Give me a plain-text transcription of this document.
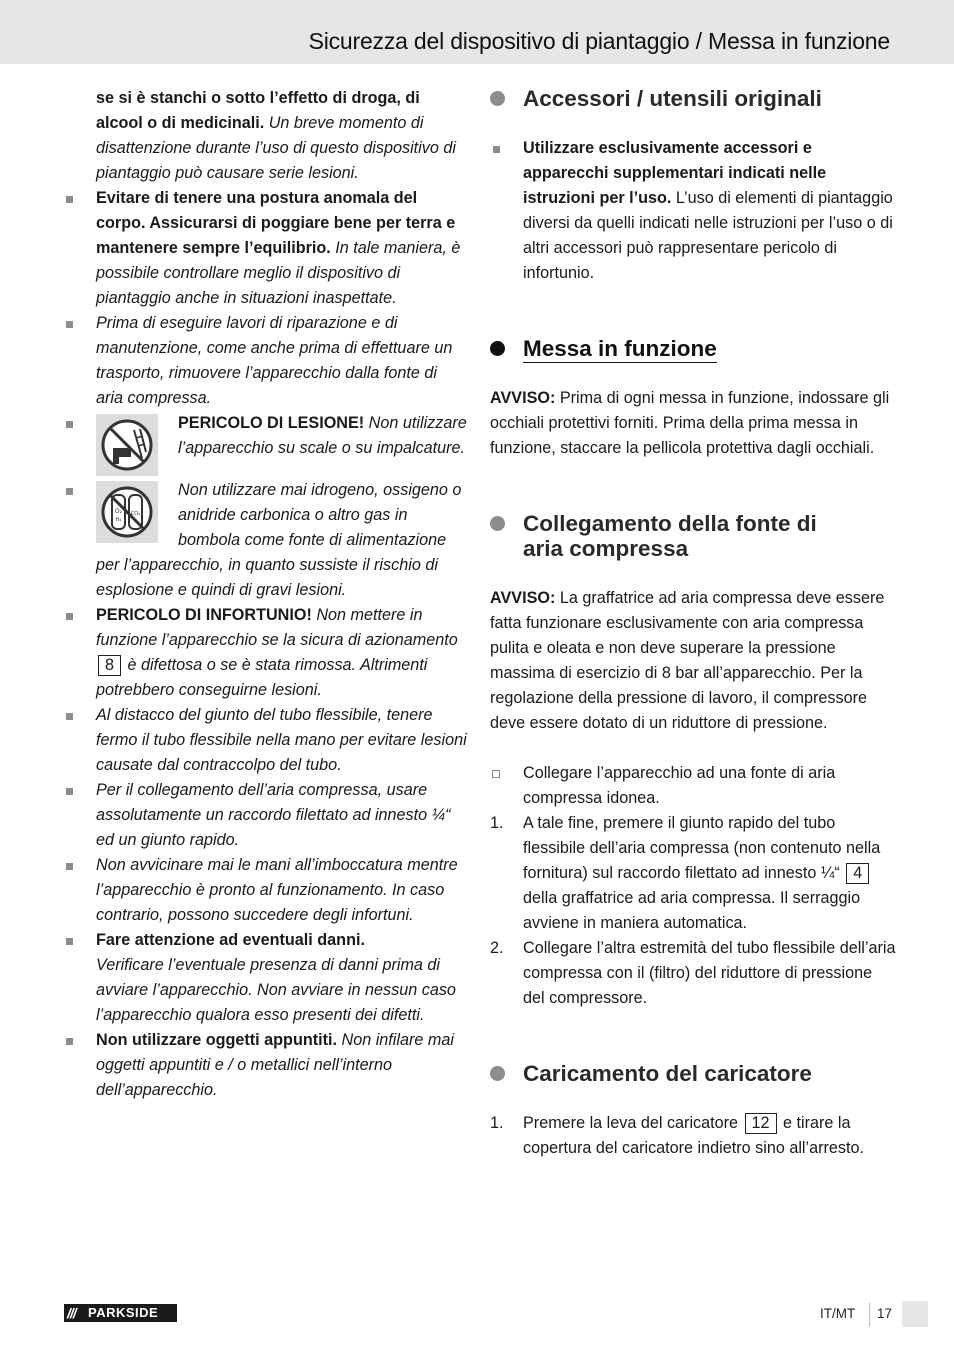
Sicurezza del dispositivo di piantaggio / Messa in funzione
se si è stanchi o sotto l’effetto di droga, di alcool o di medicinali. Un breve momento di disattenzione durante l’uso di questo dispositivo di piantaggio può causare serie lesioni.
Evitare di tenere una postura anomala del corpo. Assicurarsi di poggiare bene per terra e mantenere sempre l’equilibrio. In tale maniera, è possibile controllare meglio il dispositivo di piantaggio anche in situazioni inaspettate.
Prima di eseguire lavori di riparazione e di manutenzione, come anche prima di effettuare un trasporto, rimuovere l’apparecchio dalla fonte di aria compressa.
PERICOLO DI LESIONE! Non utilizzare l’apparecchio su scale o su impalcature.
O₂
H₂
CO₂
Non utilizzare mai idrogeno, ossigeno o anidride carbonica o altro gas in bombola come fonte di alimentazione per l’apparecchio, in quanto sussiste il rischio di esplosione e quindi di gravi lesioni.
PERICOLO DI INFORTUNIO! Non mettere in funzione l’apparecchio se la sicura di azionamento 8 è difettosa o se è stata rimossa. Altrimenti potrebbero conseguirne lesioni.
Al distacco del giunto del tubo flessibile, tenere fermo il tubo flessibile nella mano per evitare lesioni causate dal contraccolpo del tubo.
Per il collegamento dell’aria compressa, usare assolutamente un raccordo filettato ad innesto ¼“ ed un giunto rapido.
Non avvicinare mai le mani all’imboccatura mentre l’apparecchio è pronto al funzionamento. In caso contrario, possono succedere degli infortuni.
Fare attenzione ad eventuali danni.
Verificare l’eventuale presenza di danni prima di avviare l’apparecchio. Non avviare in nessun caso l’apparecchio qualora esso presenti dei difetti.
Non utilizzare oggetti appuntiti. Non infilare mai oggetti appuntiti e / o metallici nell’interno dell’apparecchio.
Accessori / utensili originali
Utilizzare esclusivamente accessori e apparecchi supplementari indicati nelle istruzioni per l’uso. L’uso di elementi di piantaggio diversi da quelli indicati nelle istruzioni per l’uso o di altri accessori può rappresentare pericolo di infortunio.
Messa in funzione
AVVISO: Prima di ogni messa in funzione, indossare gli occhiali protettivi forniti. Prima della prima messa in funzione, staccare la pellicola protettiva dagli occhiali.
Collegamento della fonte di aria compressa
AVVISO: La graffatrice ad aria compressa deve essere fatta funzionare esclusivamente con aria compressa pulita e oleata e non deve superare la pressione massima di esercizio di 8 bar all’apparecchio. Per la regolazione della pressione di lavoro, il compressore deve essere dotato di un riduttore di pressione.
Collegare l’apparecchio ad una fonte di aria compressa idonea.
1. A tale fine, premere il giunto rapido del tubo flessibile dell’aria compressa (non contenuto nella fornitura) sul raccordo filettato ad innesto ¼“ 4 della graffatrice ad aria compressa. Il serraggio avviene in maniera automatica.
2. Collegare l’altra estremità del tubo flessibile dell’aria compressa con il (filtro) del riduttore di pressione del compressore.
Caricamento del caricatore
1. Premere la leva del caricatore 12 e tirare la copertura del caricatore indietro sino all’arresto.
/// PARKSIDE	IT/MT 17
